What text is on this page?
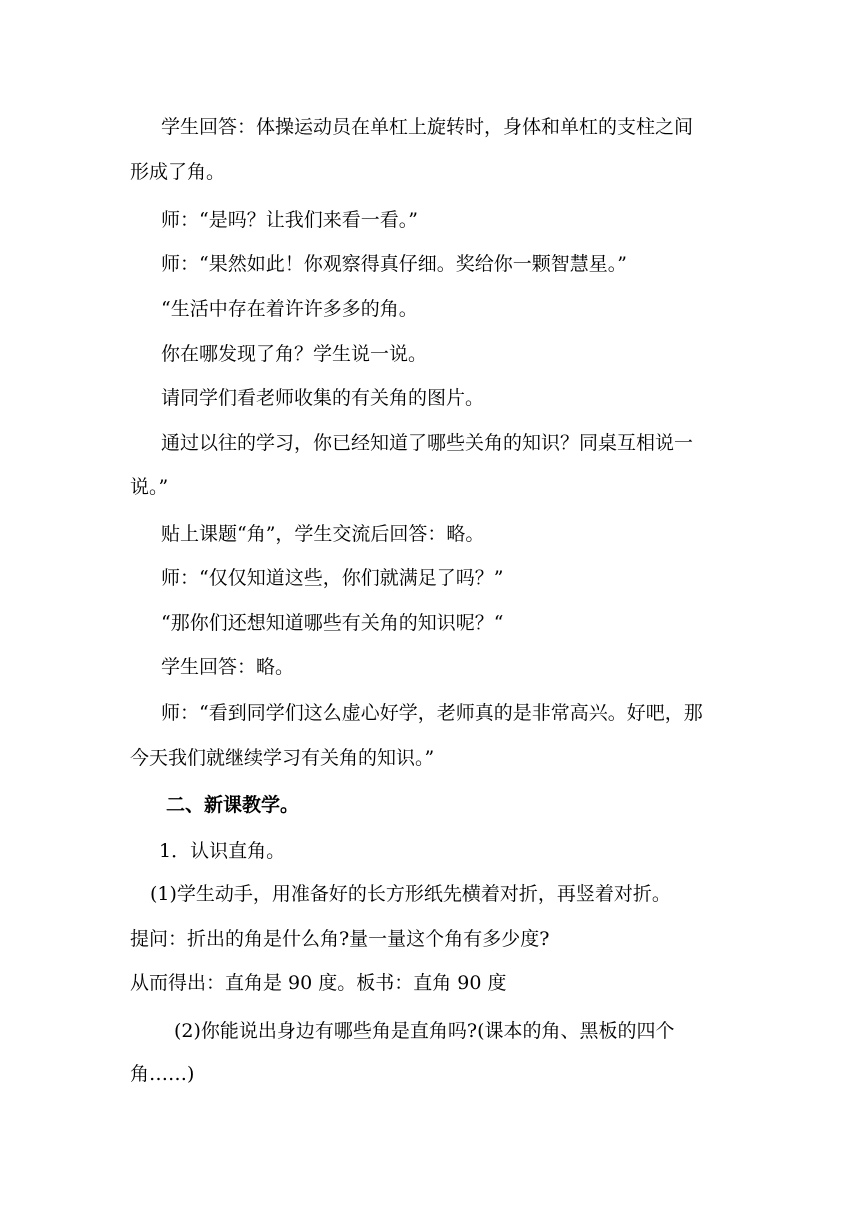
学生回答：体操运动员在单杠上旋转时，身体和单杠的支柱之间
形成了角。
师：“是吗？让我们来看一看。”
师：“果然如此！你观察得真仔细。奖给你一颗智慧星。”
“生活中存在着许许多多的角。
你在哪发现了角？学生说一说。
请同学们看老师收集的有关角的图片。
通过以往的学习，你已经知道了哪些关角的知识？同桌互相说一
说。”
贴上课题“角”，学生交流后回答：略。
师：“仅仅知道这些，你们就满足了吗？”
“那你们还想知道哪些有关角的知识呢？“
学生回答：略。
师：“看到同学们这么虚心好学，老师真的是非常高兴。好吧，那
今天我们就继续学习有关角的知识。”
二、新课教学。
1．认识直角。
(1)学生动手，用准备好的长方形纸先横着对折，再竖着对折。
提问：折出的角是什么角?量一量这个角有多少度?
从而得出：直角是 90 度。板书：直角 90 度
(2)你能说出身边有哪些角是直角吗?(课本的角、黑板的四个
角……)
